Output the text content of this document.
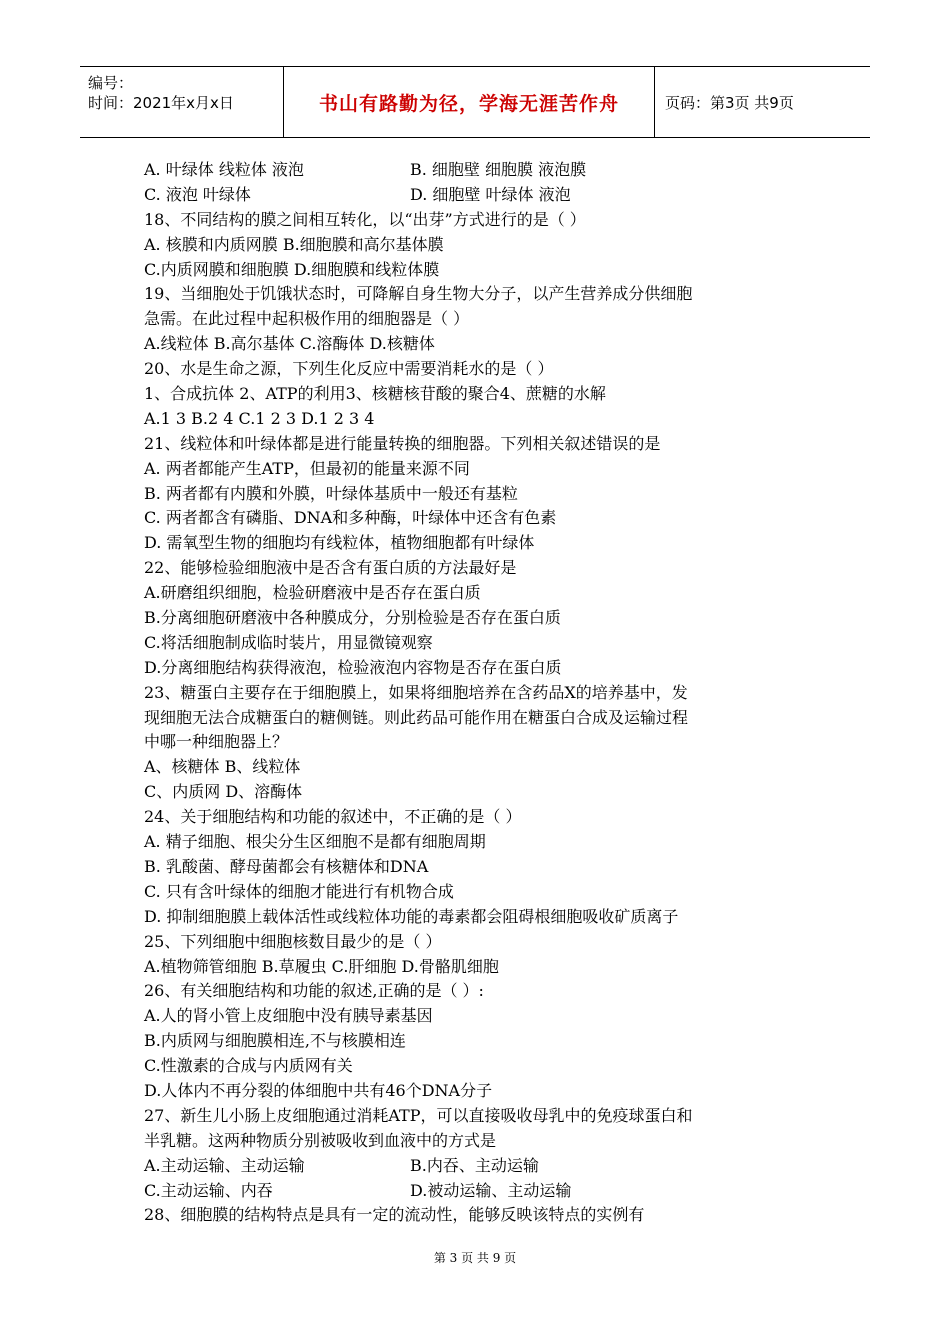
编号：
时间：2021年x月x日	书山有路勤为径，学海无涯苦作舟	页码：第3页 共9页
A. 叶绿体 线粒体 液泡	B. 细胞壁 细胞膜 液泡膜
C. 液泡 叶绿体	D. 细胞壁 叶绿体 液泡
18、不同结构的膜之间相互转化，以“出芽”方式进行的是（ ）
A. 核膜和内质网膜 B.细胞膜和高尔基体膜
C.内质网膜和细胞膜 D.细胞膜和线粒体膜
19、当细胞处于饥饿状态时，可降解自身生物大分子，以产生营养成分供细胞
急需。在此过程中起积极作用的细胞器是（ ）
A.线粒体 B.高尔基体 C.溶酶体 D.核糖体
20、水是生命之源，下列生化反应中需要消耗水的是（ ）
1、合成抗体 2、ATP的利用3、核糖核苷酸的聚合4、蔗糖的水解
A.1 3 B.2 4 C.1 2 3 D.1 2 3 4
21、线粒体和叶绿体都是进行能量转换的细胞器。下列相关叙述错误的是
A. 两者都能产生ATP，但最初的能量来源不同
B. 两者都有内膜和外膜，叶绿体基质中一般还有基粒
C. 两者都含有磷脂、DNA和多种酶，叶绿体中还含有色素
D. 需氧型生物的细胞均有线粒体，植物细胞都有叶绿体
22、能够检验细胞液中是否含有蛋白质的方法最好是
A.研磨组织细胞，检验研磨液中是否存在蛋白质
B.分离细胞研磨液中各种膜成分，分别检验是否存在蛋白质
C.将活细胞制成临时装片，用显微镜观察
D.分离细胞结构获得液泡，检验液泡内容物是否存在蛋白质
23、糖蛋白主要存在于细胞膜上，如果将细胞培养在含药品X的培养基中，发
现细胞无法合成糖蛋白的糖侧链。则此药品可能作用在糖蛋白合成及运输过程
中哪一种细胞器上？
A、核糖体 B、线粒体
C、内质网 D、溶酶体
24、关于细胞结构和功能的叙述中，不正确的是（ ）
A. 精子细胞、根尖分生区细胞不是都有细胞周期
B. 乳酸菌、酵母菌都会有核糖体和DNA
C. 只有含叶绿体的细胞才能进行有机物合成
D. 抑制细胞膜上载体活性或线粒体功能的毒素都会阻碍根细胞吸收矿质离子
25、下列细胞中细胞核数目最少的是（ ）
A.植物筛管细胞 B.草履虫 C.肝细胞 D.骨骼肌细胞
26、有关细胞结构和功能的叙述,正确的是（ ）:
A.人的肾小管上皮细胞中没有胰导素基因
B.内质网与细胞膜相连,不与核膜相连
C.性激素的合成与内质网有关
D.人体内不再分裂的体细胞中共有46个DNA分子
27、新生儿小肠上皮细胞通过消耗ATP，可以直接吸收母乳中的免疫球蛋白和
半乳糖。这两种物质分别被吸收到血液中的方式是
A.主动运输、主动运输	B.内吞、主动运输
C.主动运输、内吞	D.被动运输、主动运输
28、细胞膜的结构特点是具有一定的流动性，能够反映该特点的实例有
第 3 页 共 9 页
